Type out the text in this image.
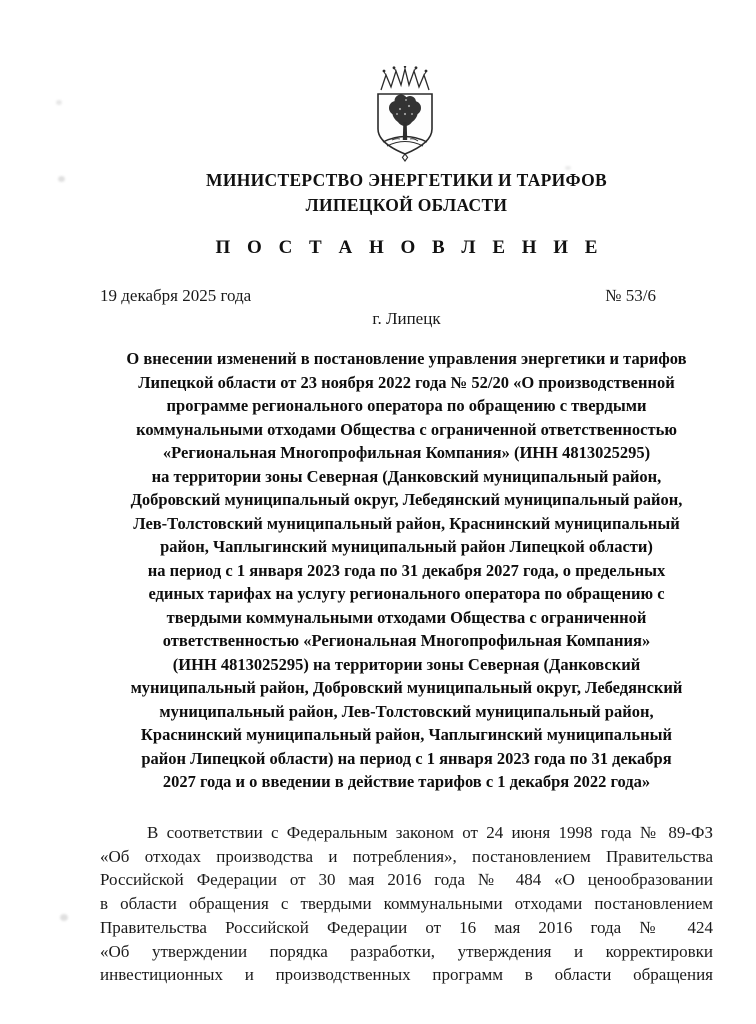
МИНИСТЕРСТВО ЭНЕРГЕТИКИ И ТАРИФОВ
ЛИПЕЦКОЙ ОБЛАСТИ
П О С Т А Н О В Л Е Н И Е
19 декабря 2025 года	№ 53/6
г. Липецк
О внесении изменений в постановление управления энергетики и тарифов
Липецкой области от 23 ноября 2022 года № 52/20 «О производственной
программе регионального оператора по обращению с твердыми
коммунальными отходами Общества с ограниченной ответственностью
«Региональная Многопрофильная Компания» (ИНН 4813025295)
на территории зоны Северная (Данковский муниципальный район,
Добровский муниципальный округ, Лебедянский муниципальный район,
Лев-Толстовский муниципальный район, Краснинский муниципальный
район, Чаплыгинский муниципальный район Липецкой области)
на период с 1 января 2023 года по 31 декабря 2027 года, о предельных
единых тарифах на услугу регионального оператора по обращению с
твердыми коммунальными отходами Общества с ограниченной
ответственностью «Региональная Многопрофильная Компания»
(ИНН 4813025295) на территории зоны Северная (Данковский
муниципальный район, Добровский муниципальный округ, Лебедянский
муниципальный район, Лев-Толстовский муниципальный район,
Краснинский муниципальный район, Чаплыгинский муниципальный
район Липецкой области) на период с 1 января 2023 года по 31 декабря
2027 года и о введении в действие тарифов с 1 декабря 2022 года»
В соответствии с Федеральным законом от 24 июня 1998 года № 89-ФЗ
«Об отходах производства и потребления», постановлением Правительства
Российской Федерации от 30 мая 2016 года № 484 «О ценообразовании
в области обращения с твердыми коммунальными отходами постановлением
Правительства Российской Федерации от 16 мая 2016 года № 424
«Об утверждении порядка разработки, утверждения и корректировки
инвестиционных и производственных программ в области обращения
